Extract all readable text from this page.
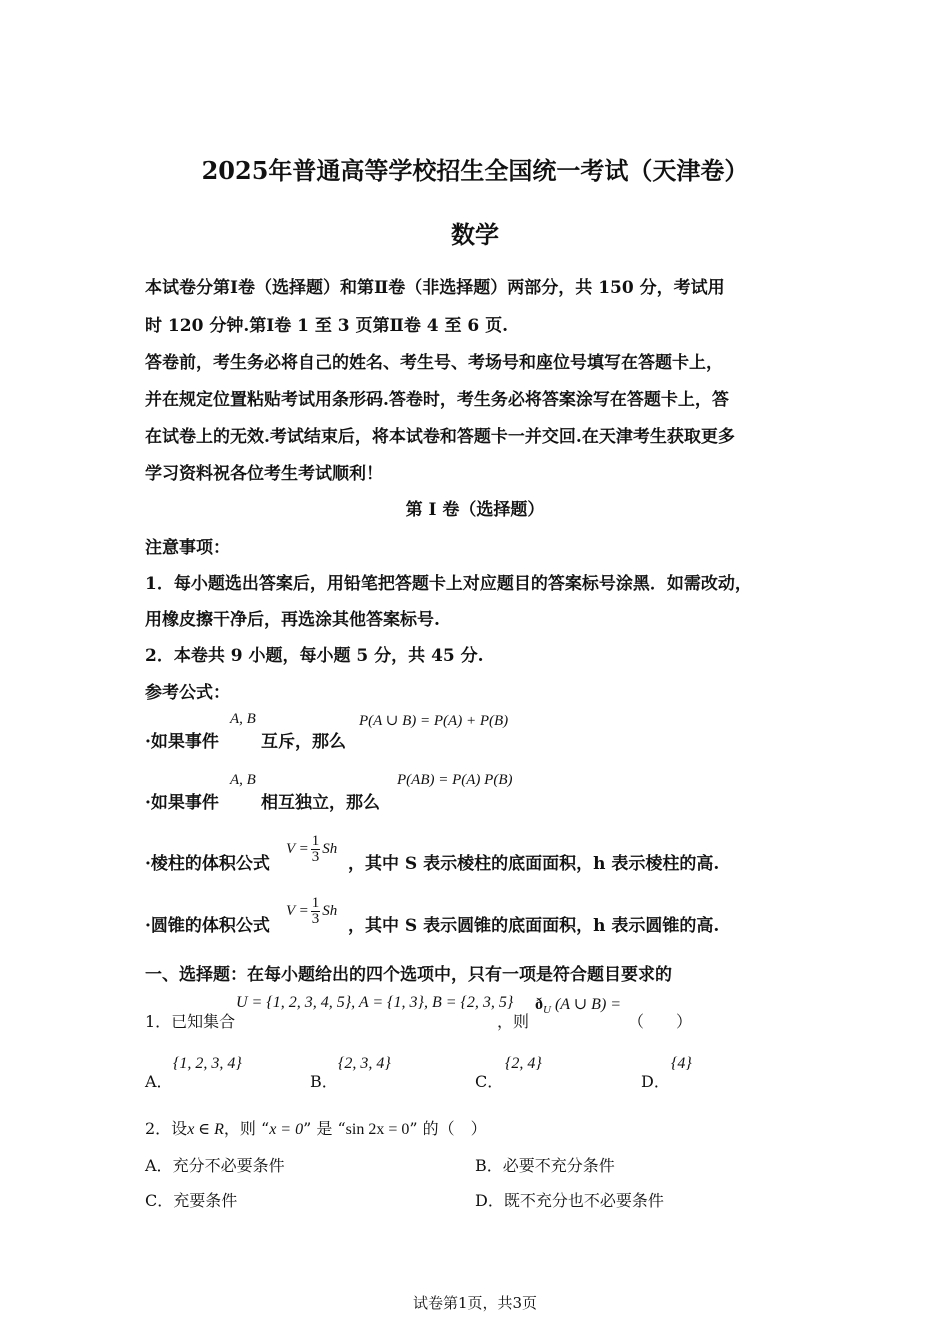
2025年普通高等学校招生全国统一考试（天津卷）
数学
本试卷分第Ⅰ卷（选择题）和第Ⅱ卷（非选择题）两部分，共 150 分，考试用
时 120 分钟.第Ⅰ卷 1 至 3 页第Ⅱ卷 4 至 6 页.
答卷前，考生务必将自己的姓名、考生号、考场号和座位号填写在答题卡上，
并在规定位置粘贴考试用条形码.答卷时，考生务必将答案涂写在答题卡上，答
在试卷上的无效.考试结束后，将本试卷和答题卡一并交回.在天津考生获取更多
学习资料祝各位考生考试顺利！
第 I 卷（选择题）
注意事项：
1．每小题选出答案后，用铅笔把答题卡上对应题目的答案标号涂黑．如需改动，
用橡皮擦干净后，再选涂其他答案标号.
2．本卷共 9 小题，每小题 5 分，共 45 分.
参考公式：
·如果事件
A, B
互斥，那么
P(A ∪ B) = P(A) + P(B)
·如果事件
A, B
相互独立，那么
P(AB) = P(A) P(B)
·棱柱的体积公式
$V = \frac{1}{3}$ Sh
，其中 S 表示棱柱的底面面积，h 表示棱柱的高.
·圆锥的体积公式
$V = \frac{1}{3}$ Sh
，其中 S 表示圆锥的底面面积，h 表示圆锥的高.
一、选择题：在每小题给出的四个选项中，只有一项是符合题目要求的
1．已知集合
U = {1, 2, 3, 4, 5}, A = {1, 3}, B = {2, 3, 5}
，则
$ð_U$ (A ∪ B) =
（　　）
A．
{1, 2, 3, 4}
B．
{2, 3, 4}
C．
{2, 4}
D．
{4}
2．设x ∈ R，则 “x = 0” 是 “sin 2x = 0” 的（　）
A．充分不必要条件	B．必要不充分条件
C．充要条件	D．既不充分也不必要条件
试卷第1页，共3页
